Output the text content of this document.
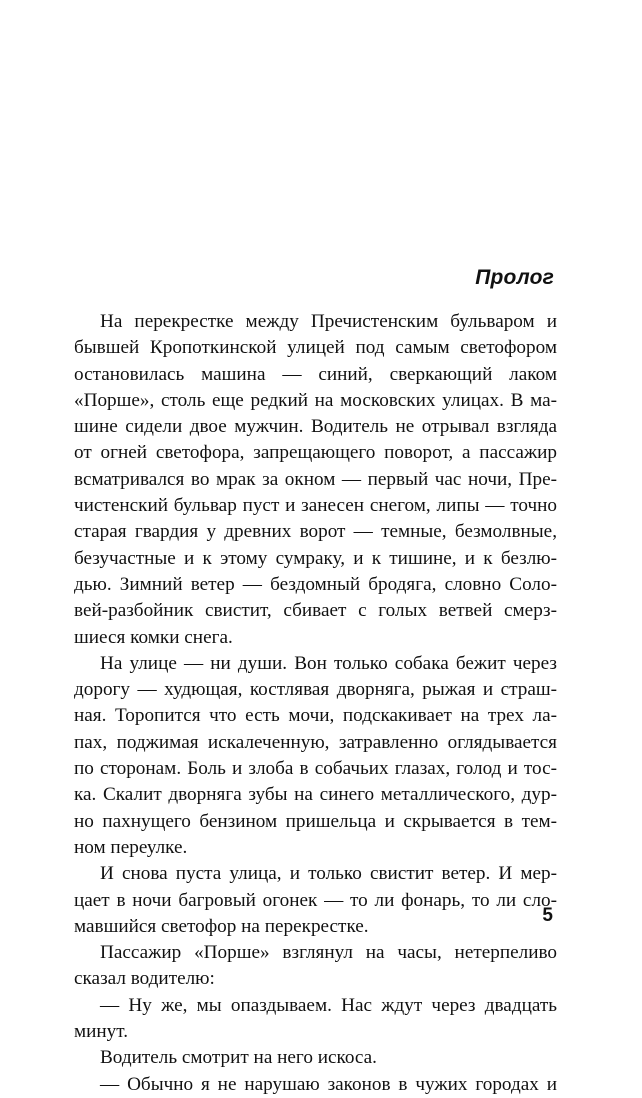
Пролог
На перекрестке между Пречистенским бульваром и
бывшей Кропоткинской улицей под самым светофором
остановилась машина — синий, сверкающий лаком
«Порше», столь еще редкий на московских улицах. В ма-
шине сидели двое мужчин. Водитель не отрывал взгляда
от огней светофора, запрещающего поворот, а пассажир
всматривался во мрак за окном — первый час ночи, Пре-
чистенский бульвар пуст и занесен снегом, липы — точно
старая гвардия у древних ворот — темные, безмолвные,
безучастные и к этому сумраку, и к тишине, и к безлю-
дью. Зимний ветер — бездомный бродяга, словно Соло-
вей-разбойник свистит, сбивает с голых ветвей смерз-
шиеся комки снега.
На улице — ни души. Вон только собака бежит через
дорогу — худющая, костлявая дворняга, рыжая и страш-
ная. Торопится что есть мочи, подскакивает на трех ла-
пах, поджимая искалеченную, затравленно оглядывается
по сторонам. Боль и злоба в собачьих глазах, голод и тос-
ка. Скалит дворняга зубы на синего металлического, дур-
но пахнущего бензином пришельца и скрывается в тем-
ном переулке.
И снова пуста улица, и только свистит ветер. И мер-
цает в ночи багровый огонек — то ли фонарь, то ли сло-
мавшийся светофор на перекрестке.
Пассажир «Порше» взглянул на часы, нетерпеливо
сказал водителю:
— Ну же, мы опаздываем. Нас ждут через двадцать
минут.
Водитель смотрит на него искоса.
— Обычно я не нарушаю законов в чужих городах и
5
